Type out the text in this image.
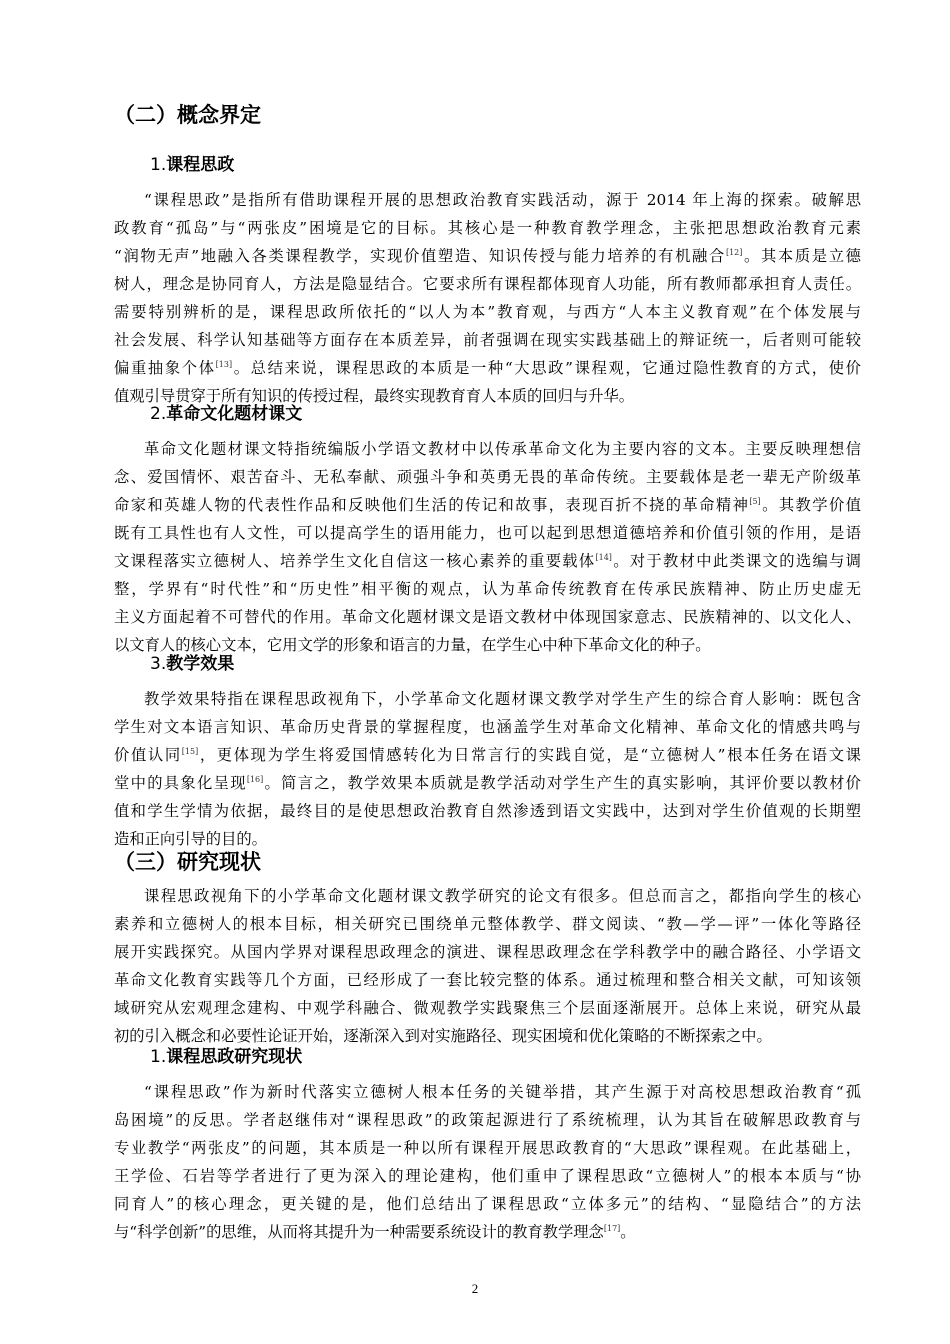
（二）概念界定
1.课程思政
“课程思政”是指所有借助课程开展的思想政治教育实践活动，源于 2014 年上海的探索。破解思
政教育“孤岛”与“两张皮”困境是它的目标。其核心是一种教育教学理念，主张把思想政治教育元素
“润物无声”地融入各类课程教学，实现价值塑造、知识传授与能力培养的有机融合[12]。其本质是立德
树人，理念是协同育人，方法是隐显结合。它要求所有课程都体现育人功能，所有教师都承担育人责任。
需要特别辨析的是，课程思政所依托的“以人为本”教育观，与西方“人本主义教育观”在个体发展与
社会发展、科学认知基础等方面存在本质差异，前者强调在现实实践基础上的辩证统一，后者则可能较
偏重抽象个体[13]。总结来说，课程思政的本质是一种“大思政”课程观，它通过隐性教育的方式，使价
值观引导贯穿于所有知识的传授过程，最终实现教育育人本质的回归与升华。
2.革命文化题材课文
革命文化题材课文特指统编版小学语文教材中以传承革命文化为主要内容的文本。主要反映理想信
念、爱国情怀、艰苦奋斗、无私奉献、顽强斗争和英勇无畏的革命传统。主要载体是老一辈无产阶级革
命家和英雄人物的代表性作品和反映他们生活的传记和故事，表现百折不挠的革命精神[5]。其教学价值
既有工具性也有人文性，可以提高学生的语用能力，也可以起到思想道德培养和价值引领的作用，是语
文课程落实立德树人、培养学生文化自信这一核心素养的重要载体[14]。对于教材中此类课文的选编与调
整，学界有“时代性”和“历史性”相平衡的观点，认为革命传统教育在传承民族精神、防止历史虚无
主义方面起着不可替代的作用。革命文化题材课文是语文教材中体现国家意志、民族精神的、以文化人、
以文育人的核心文本，它用文学的形象和语言的力量，在学生心中种下革命文化的种子。
3.教学效果
教学效果特指在课程思政视角下，小学革命文化题材课文教学对学生产生的综合育人影响：既包含
学生对文本语言知识、革命历史背景的掌握程度，也涵盖学生对革命文化精神、革命文化的情感共鸣与
价值认同[15]，更体现为学生将爱国情感转化为日常言行的实践自觉，是“立德树人”根本任务在语文课
堂中的具象化呈现[16]。简言之，教学效果本质就是教学活动对学生产生的真实影响，其评价要以教材价
值和学生学情为依据，最终目的是使思想政治教育自然渗透到语文实践中，达到对学生价值观的长期塑
造和正向引导的目的。
（三）研究现状
课程思政视角下的小学革命文化题材课文教学研究的论文有很多。但总而言之，都指向学生的核心
素养和立德树人的根本目标，相关研究已围绕单元整体教学、群文阅读、“教—学—评”一体化等路径
展开实践探究。从国内学界对课程思政理念的演进、课程思政理念在学科教学中的融合路径、小学语文
革命文化教育实践等几个方面，已经形成了一套比较完整的体系。通过梳理和整合相关文献，可知该领
域研究从宏观理念建构、中观学科融合、微观教学实践聚焦三个层面逐渐展开。总体上来说，研究从最
初的引入概念和必要性论证开始，逐渐深入到对实施路径、现实困境和优化策略的不断探索之中。
1.课程思政研究现状
“课程思政”作为新时代落实立德树人根本任务的关键举措，其产生源于对高校思想政治教育“孤
岛困境”的反思。学者赵继伟对“课程思政”的政策起源进行了系统梳理，认为其旨在破解思政教育与
专业教学“两张皮”的问题，其本质是一种以所有课程开展思政教育的“大思政”课程观。在此基础上，
王学俭、石岩等学者进行了更为深入的理论建构，他们重申了课程思政“立德树人”的根本本质与“协
同育人”的核心理念，更关键的是，他们总结出了课程思政“立体多元”的结构、“显隐结合”的方法
与“科学创新”的思维，从而将其提升为一种需要系统设计的教育教学理念[17]。
2
